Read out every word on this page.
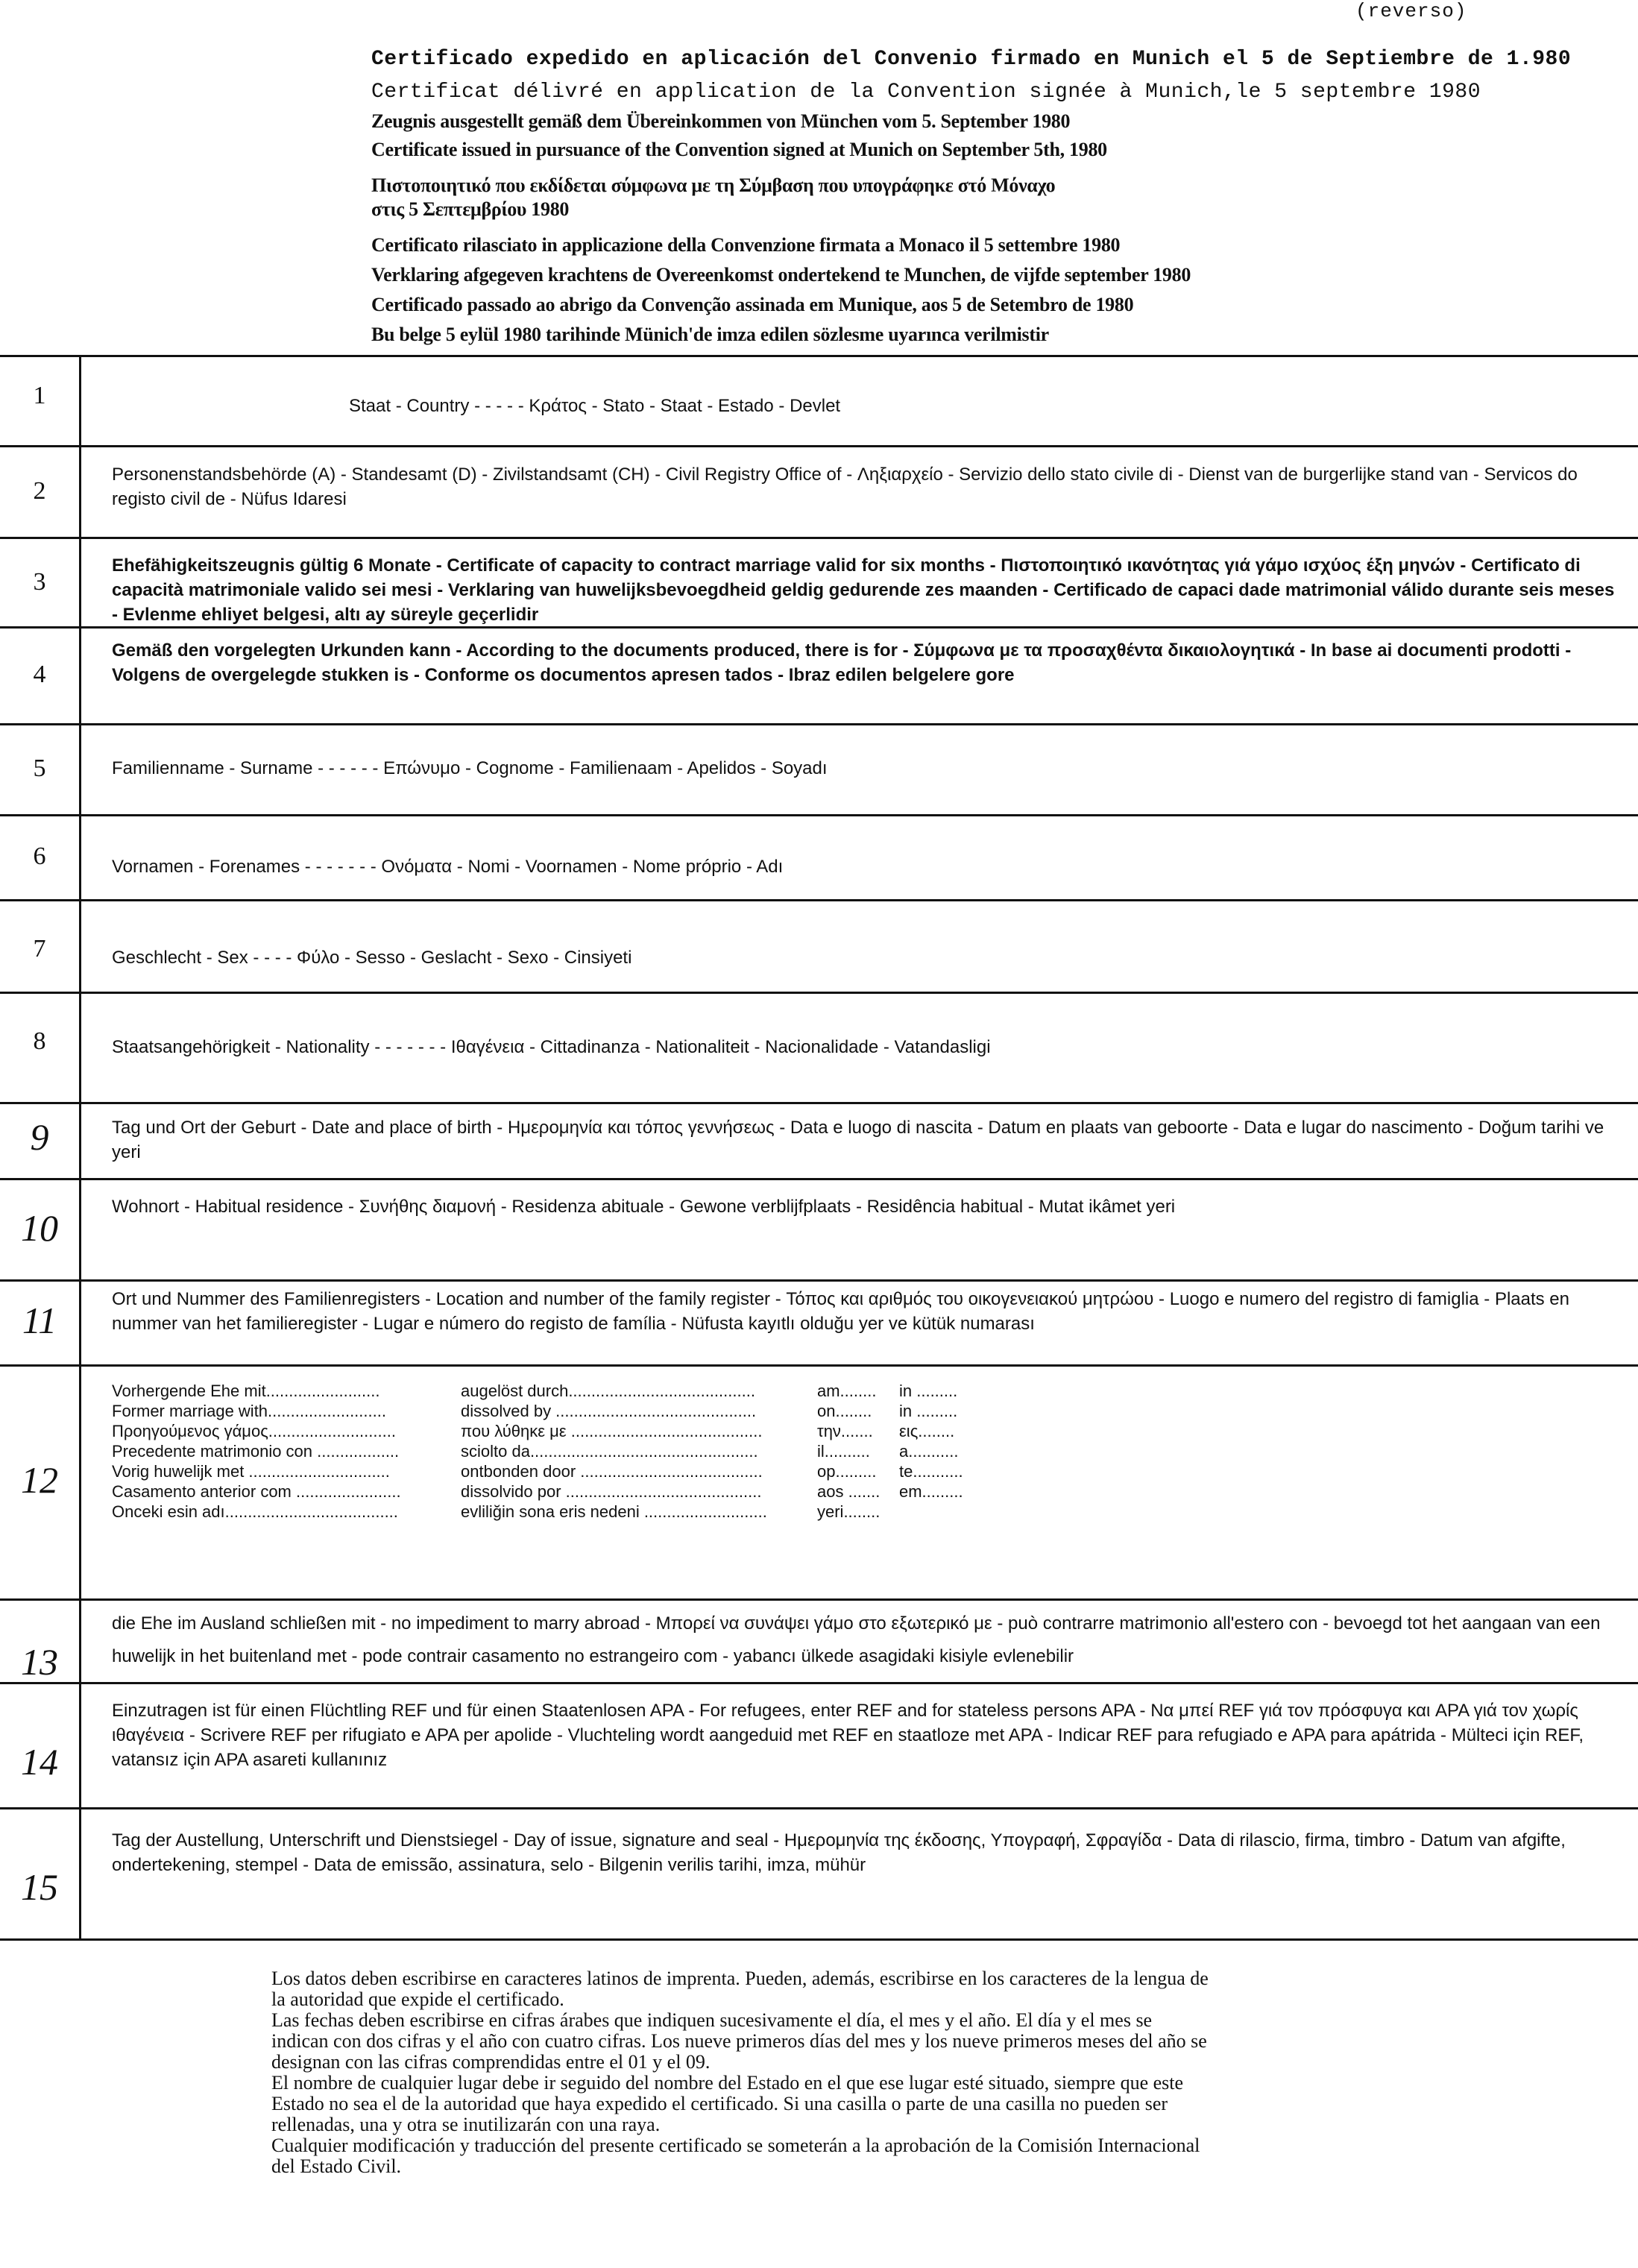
(reverso)
Certificado expedido en aplicación del Convenio firmado en Munich el 5 de Septiembre de 1.980
Certificat délivré en application de la Convention signée à Munich,le 5 septembre 1980
Zeugnis ausgestellt gemäß dem Übereinkommen von München vom 5. September 1980
Certificate issued in pursuance of the Convention signed at Munich on September 5th, 1980
Πιστοποιητικό που εκδίδεται σύμφωνα με τη Σύμβαση που υπογράφηκε στό Μόναχο
στις 5 Σεπτεμβρίου 1980
Certificato rilasciato in applicazione della Convenzione firmata a Monaco il 5 settembre 1980
Verklaring afgegeven krachtens de Overeenkomst ondertekend te Munchen, de vijfde september 1980
Certificado passado ao abrigo da Convenção assinada em Munique, aos 5 de Setembro de 1980
Bu belge 5 eylül 1980 tarihinde Münich'de imza edilen sözlesme uyarınca verilmistir
1
2
3
4
5
6
7
8
9
10
11
12
13
14
15
Staat - Country - - - - - Κράτος - Stato - Staat - Estado - Devlet
Personenstandsbehörde (A) - Standesamt (D) - Zivilstandsamt (CH) - Civil Registry Office of - Ληξιαρχείο - Servizio dello stato civile di - Dienst van de burgerlijke stand van - Servicos do registo civil de - Nüfus Idaresi
Ehefähigkeitszeugnis gültig 6 Monate - Certificate of capacity to contract marriage valid for six months - Πιστοποιητικό ικανότητας γιά γάμο ισχύος έξη μηνών - Certificato di capacità matrimoniale valido sei mesi - Verklaring van huwelijksbevoegdheid geldig gedurende zes maanden - Certificado de capaci dade matrimonial válido durante seis meses - Evlenme ehliyet belgesi, altı ay süreyle geçerlidir
Gemäß den vorgelegten Urkunden kann - According to the documents produced, there is for - Σύμφωνα με τα προσαχθέντα δικαιολογητικά - In base ai documenti prodotti - Volgens de overgelegde stukken is - Conforme os documentos apresen tados - Ibraz edilen belgelere gore
Familienname - Surname - - - - - - Επώνυμο - Cognome - Familienaam - Apelidos - Soyadı
Vornamen - Forenames - - - - - - - Ονόματα - Nomi - Voornamen - Nome próprio - Adı
Geschlecht - Sex - - - - Φύλο - Sesso - Geslacht - Sexo - Cinsiyeti
Staatsangehörigkeit - Nationality - - - - - - - Ιθαγένεια - Cittadinanza - Nationaliteit - Nacionalidade - Vatandasligi
Tag und Ort der Geburt - Date and place of birth - Ημερομηνία και τόπος γεννήσεως - Data e luogo di nascita - Datum en plaats van geboorte - Data e lugar do nascimento - Doğum tarihi ve yeri
Wohnort - Habitual residence - Συνήθης διαμονή - Residenza abituale - Gewone verblijfplaats - Residência habitual - Mutat ikâmet yeri
Ort und Nummer des Familienregisters - Location and number of the family register - Τόπος και αριθμός του οικογενειακού μητρώου - Luogo e numero del registro di famiglia - Plaats en nummer van het familieregister - Lugar e número do registo de família - Nüfusta kayıtlı olduğu yer ve kütük numarası
Vorhergende Ehe mit.........................
Former marriage with..........................
Προηγούμενος γάμος............................
Precedente matrimonio con ..................
Vorig huwelijk met ...............................
Casamento anterior com .......................
Onceki esin adı......................................
augelöst durch.........................................
dissolved by ............................................
που λύθηκε με ..........................................
sciolto da..................................................
ontbonden door ........................................
dissolvido por ...........................................
evliliğin sona eris nedeni ...........................
am........
on........
την.......
il..........
op.........
aos .......
yeri........
in .........
in .........
εις........
a...........
te...........
em.........
die Ehe im Ausland schließen mit - no impediment to marry abroad - Μπορεί να συνάψει γάμο στο εξωτερικό με - può contrarre matrimonio all'estero con - bevoegd tot het aangaan van een huwelijk in het buitenland met - pode contrair casamento no estrangeiro com - yabancı ülkede asagidaki kisiyle evlenebilir
Einzutragen ist für einen Flüchtling REF und für einen Staatenlosen APA - For refugees, enter REF and for stateless persons APA - Να μπεί REF γιά τον πρόσφυγα και APA γιά τον χωρίς ιθαγένεια - Scrivere REF per rifugiato e APA per apolide - Vluchteling wordt aangeduid met REF en staatloze met APA - Indicar REF para refugiado e APA para apátrida - Mülteci için REF, vatansız için APA asareti kullanınız
Tag der Austellung, Unterschrift und Dienstsiegel - Day of issue, signature and seal - Ημερομηνία της έκδοσης, Υπογραφή, Σφραγίδα - Data di rilascio, firma, timbro - Datum van afgifte, ondertekening, stempel - Data de emissão, assinatura, selo - Bilgenin verilis tarihi, imza, mühür

Los datos deben escribirse en caracteres latinos de imprenta. Pueden, además, escribirse en los caracteres de la lengua de la autoridad que expide el certificado.

Las fechas deben escribirse en cifras árabes que indiquen sucesivamente el día, el mes y el año. El día y el mes se indican con dos cifras y el año con cuatro cifras. Los nueve primeros días del mes y los nueve primeros meses del año se designan con las cifras comprendidas entre el 01 y el 09.

El nombre de cualquier lugar debe ir seguido del nombre del Estado en el que ese lugar esté situado, siempre que este Estado no sea el de la autoridad que haya expedido el certificado. Si una casilla o parte de una casilla no pueden ser rellenadas, una y otra se inutilizarán con una raya.

Cualquier modificación y traducción del presente certificado se someterán a la aprobación de la Comisión Internacional del Estado Civil.
